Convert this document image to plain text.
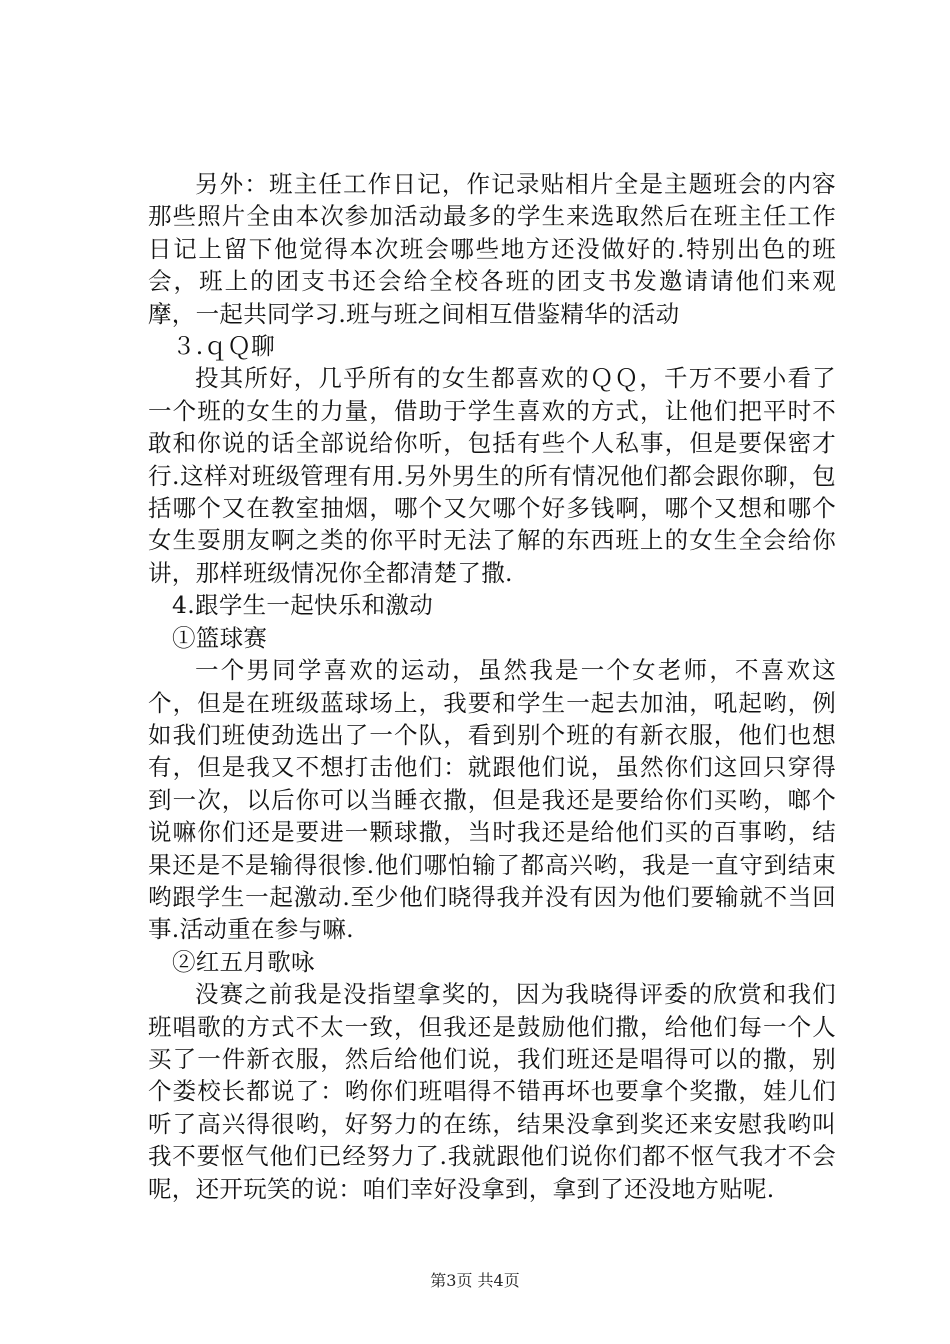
另外：班主任工作日记，作记录贴相片全是主题班会的内容那些照片全由本次参加活动最多的学生来选取然后在班主任工作日记上留下他觉得本次班会哪些地方还没做好的.特别出色的班会，班上的团支书还会给全校各班的团支书发邀请请他们来观摩，一起共同学习.班与班之间相互借鉴精华的活动

３.ｑＱ聊

投其所好，几乎所有的女生都喜欢的ＱＱ，千万不要小看了一个班的女生的力量，借助于学生喜欢的方式，让他们把平时不敢和你说的话全部说给你听，包括有些个人私事，但是要保密才行.这样对班级管理有用.另外男生的所有情况他们都会跟你聊，包括哪个又在教室抽烟，哪个又欠哪个好多钱啊，哪个又想和哪个女生耍朋友啊之类的你平时无法了解的东西班上的女生全会给你讲，那样班级情况你全都清楚了撒.

4.跟学生一起快乐和激动

①篮球赛

一个男同学喜欢的运动，虽然我是一个女老师，不喜欢这个，但是在班级蓝球场上，我要和学生一起去加油，吼起哟，例如我们班使劲选出了一个队，看到别个班的有新衣服，他们也想有，但是我又不想打击他们：就跟他们说，虽然你们这回只穿得到一次，以后你可以当睡衣撒，但是我还是要给你们买哟，啷个说嘛你们还是要进一颗球撒，当时我还是给他们买的百事哟，结果还是不是输得很惨.他们哪怕输了都高兴哟，我是一直守到结束哟跟学生一起激动.至少他们晓得我并没有因为他们要输就不当回事.活动重在参与嘛.

②红五月歌咏

没赛之前我是没指望拿奖的，因为我晓得评委的欣赏和我们班唱歌的方式不太一致，但我还是鼓励他们撒，给他们每一个人买了一件新衣服，然后给他们说，我们班还是唱得可以的撒，别个娄校长都说了：哟你们班唱得不错再坏也要拿个奖撒，娃儿们听了高兴得很哟，好努力的在练，结果没拿到奖还来安慰我哟叫我不要怄气他们已经努力了.我就跟他们说你们都不怄气我才不会呢，还开玩笑的说：咱们幸好没拿到，拿到了还没地方贴呢.

第3页 共4页
